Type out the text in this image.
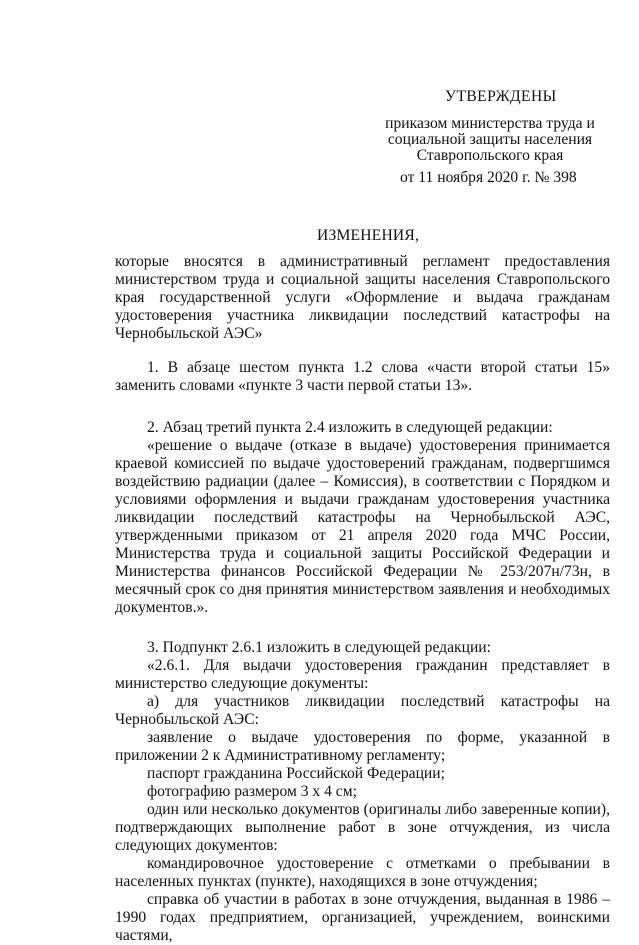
УТВЕРЖДЕНЫ
приказом министерства труда и
социальной защиты населения
Ставропольского края
от 11 ноября 2020 г. № 398
ИЗМЕНЕНИЯ,

которые вносятся в административный регламент предоставления министерством труда и социальной защиты населения Ставропольского края государственной услуги «Оформление и выдача гражданам удостоверения участника ликвидации последствий катастрофы на Чернобыльской АЭС»

1. В абзаце шестом пункта 1.2 слова «части второй статьи 15» заменить словами «пункте 3 части первой статьи 13».

2. Абзац третий пункта 2.4 изложить в следующей редакции:

«решение о выдаче (отказе в выдаче) удостоверения принимается краевой комиссией по выдаче удостоверений гражданам, подвергшимся воздействию радиации (далее – Комиссия), в соответствии с Порядком и условиями оформления и выдачи гражданам удостоверения участника ликвидации последствий катастрофы на Чернобыльской АЭС, утвержденными приказом от 21 апреля 2020 года МЧС России, Министерства труда и социальной защиты Российской Федерации и Министерства финансов Российской Федерации № 253/207н/73н, в месячный срок со дня принятия министерством заявления и необходимых документов.».

3. Подпункт 2.6.1 изложить в следующей редакции:

«2.6.1. Для выдачи удостоверения гражданин представляет в министерство следующие документы:

а) для участников ликвидации последствий катастрофы на Чернобыльской АЭС:

заявление о выдаче удостоверения по форме, указанной в приложении 2 к Административному регламенту;

паспорт гражданина Российской Федерации;

фотографию размером 3 х 4 см;

один или несколько документов (оригиналы либо заверенные копии), подтверждающих выполнение работ в зоне отчуждения, из числа следующих документов:

командировочное удостоверение с отметками о пребывании в населенных пунктах (пункте), находящихся в зоне отчуждения;

справка об участии в работах в зоне отчуждения, выданная в 1986 – 1990 годах предприятием, организацией, учреждением, воинскими частями,
